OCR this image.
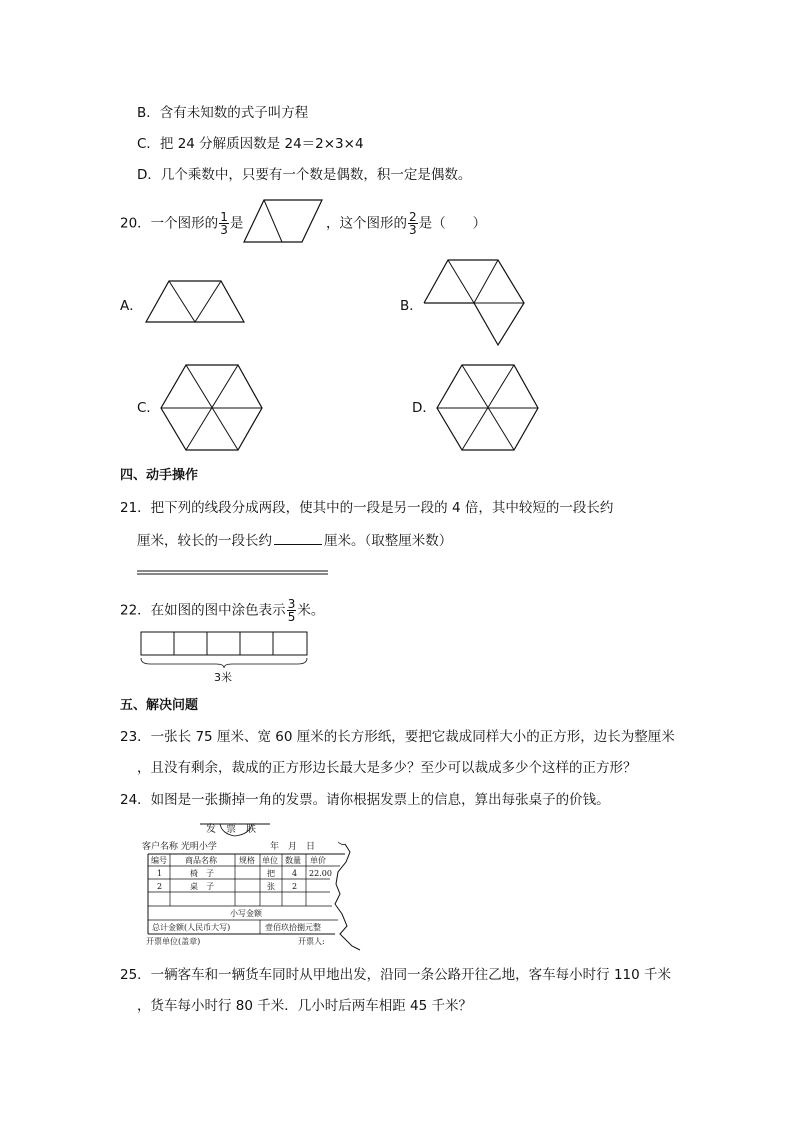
B．含有未知数的式子叫方程
C．把 24 分解质因数是 24＝2×3×4
D．几个乘数中，只要有一个数是偶数，积一定是偶数。
20．一个图形的 $\frac{1}{3}$ 是	，这个图形的 $\frac{2}{3}$ 是（　　）
A．	B．
C．	D．
四、动手操作
21．把下列的线段分成两段，使其中的一段是另一段的 4 倍，其中较短的一段长约
厘米，较长的一段长约	厘米。（取整厘米数）
22．在如图的图中涂色表示 $\frac{3}{5}$ 米。
3米
五、解决问题
23．一张长 75 厘米、宽 60 厘米的长方形纸，要把它裁成同样大小的正方形，边长为整厘米
，且没有剩余，裁成的正方形边长最大是多少？至少可以裁成多少个这样的正方形？
24．如图是一张撕掉一角的发票。请你根据发票上的信息，算出每张桌子的价钱。
发　票　联
客户名称 光明小学	年　月　日
编号 商品名称	规格 单位 数量 单价
1	椅　子	把 4 22.00
2	桌　子	张 2
小写金额
总计金额(人民币大写)	壹佰玖拾捌元整
开票单位(盖章)	开票人:
25．一辆客车和一辆货车同时从甲地出发，沿同一条公路开往乙地，客车每小时行 110 千米
，货车每小时行 80 千米．几小时后两车相距 45 千米？
